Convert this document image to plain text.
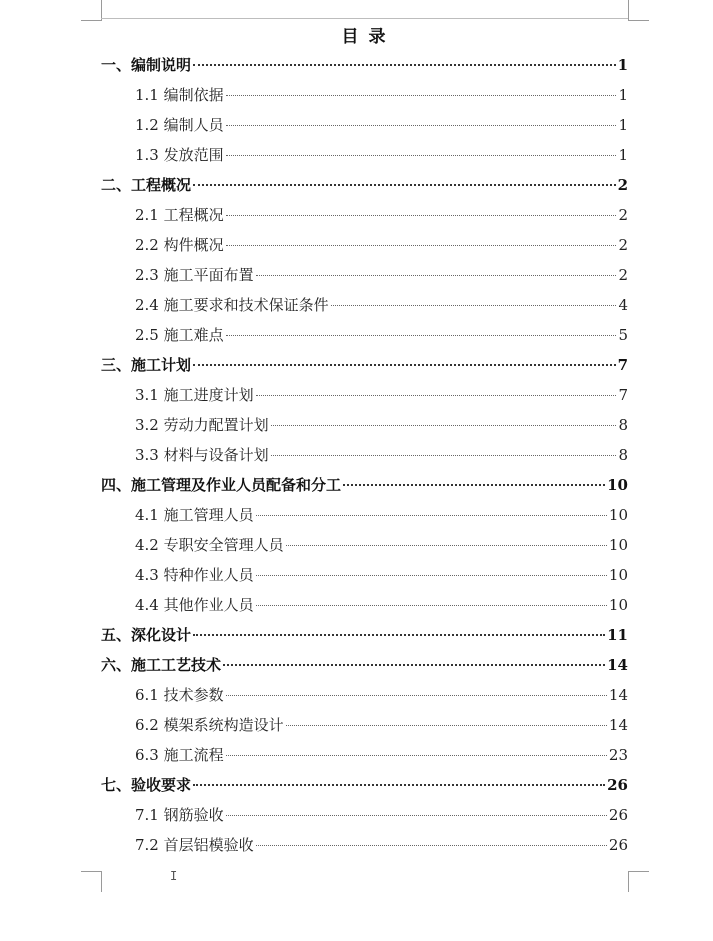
目 录
一、编制说明	1
1.1 编制依据	1
1.2 编制人员	1
1.3 发放范围	1
二、工程概况	2
2.1 工程概况	2
2.2 构件概况	2
2.3 施工平面布置	2
2.4 施工要求和技术保证条件	4
2.5 施工难点	5
三、施工计划	7
3.1 施工进度计划	7
3.2 劳动力配置计划	8
3.3 材料与设备计划	8
四、施工管理及作业人员配备和分工	10
4.1 施工管理人员	10
4.2 专职安全管理人员	10
4.3 特种作业人员	10
4.4 其他作业人员	10
五、深化设计	11
六、施工工艺技术	14
6.1 技术参数	14
6.2 模架系统构造设计	14
6.3 施工流程	23
七、验收要求	26
7.1 钢筋验收	26
7.2 首层铝模验收	26
I
